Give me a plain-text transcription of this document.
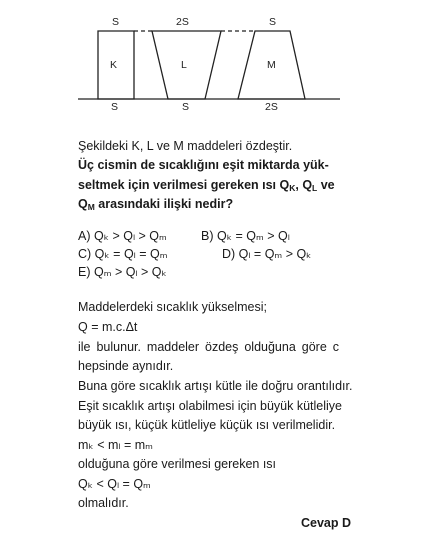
S	2S	S
K	L	M
S	S	2S
Şekildeki K, L ve M maddeleri özdeştir.
Üç cismin de sıcaklığını eşit miktarda yük-
seltmek için verilmesi gereken ısı $Q_K$, $Q_L$ ve
$Q_M$ arasındaki ilişki nedir?
A) Qₖ > Qₗ > Qₘ	B) Qₖ = Qₘ > Qₗ
C) Qₖ = Qₗ = Qₘ	D) Qₗ = Qₘ > Qₖ
E) Qₘ > Qₗ > Qₖ
Maddelerdeki sıcaklık yükselmesi;
Q = m.c.Δt
ile bulunur. maddeler özdeş olduğuna göre c
hepsinde aynıdır.
Buna göre sıcaklık artışı kütle ile doğru orantılıdır.
Eşit sıcaklık artışı olabilmesi için büyük kütleliye
büyük ısı, küçük kütleliye küçük ısı verilmelidir.
mₖ < mₗ = mₘ
olduğuna göre verilmesi gereken ısı
Qₖ < Qₗ = Qₘ
olmalıdır.
Cevap D
